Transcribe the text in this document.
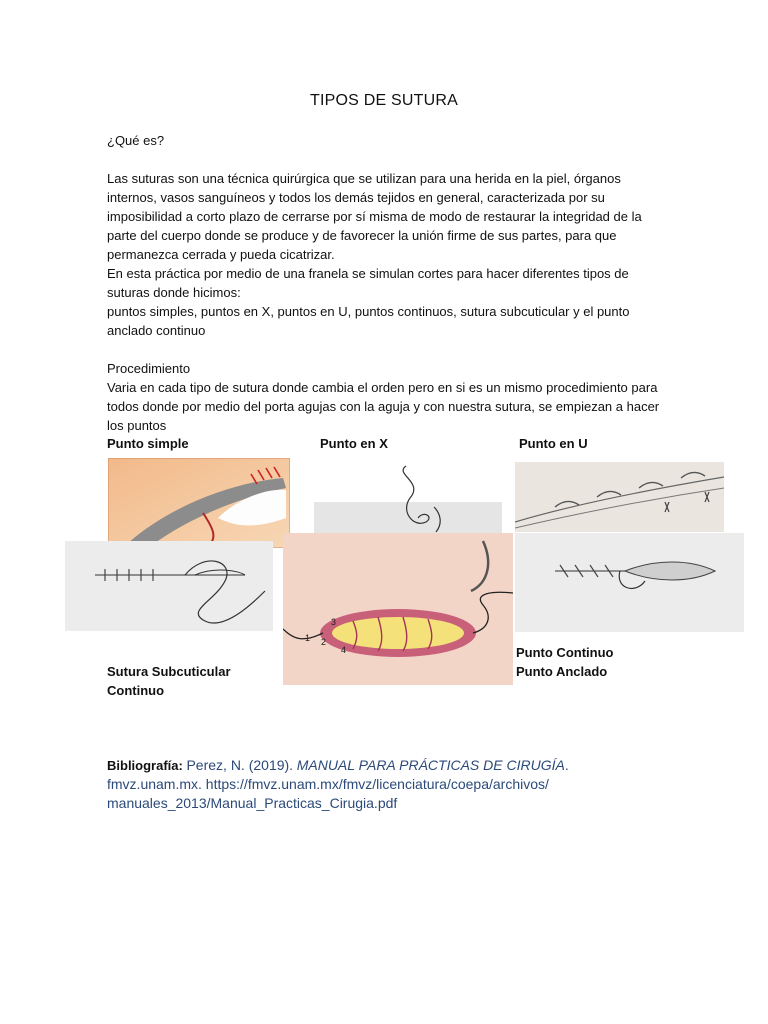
TIPOS DE SUTURA
¿Qué es?

Las suturas son una técnica quirúrgica que se utilizan para una herida en la piel, órganos internos, vasos sanguíneos y todos los demás tejidos en general, caracterizada por su imposibilidad a corto plazo de cerrarse por sí misma de modo de restaurar la integridad de la parte del cuerpo donde se produce y de favorecer la unión firme de sus partes, para que permanezca cerrada y pueda cicatrizar.

En esta práctica por medio de una franela se simulan cortes para hacer diferentes tipos de suturas donde hicimos:

puntos simples, puntos en X, puntos en U, puntos continuos, sutura subcuticular y el punto anclado continuo

Procedimiento

Varia en cada tipo de sutura donde cambia el orden pero en si es un mismo procedimiento para todos donde por medio del porta agujas con la aguja y con nuestra sutura, se empiezan a hacer los puntos

Punto simple	Punto en X	Punto en U
1 2
3
4
Sutura Subcuticular
Continuo
Punto Continuo
Punto Anclado
Bibliografía: Perez, N. (2019). MANUAL PARA PRÁCTICAS DE CIRUGÍA.
fmvz.unam.mx. https://fmvz.unam.mx/fmvz/licenciatura/coepa/archivos/
manuales_2013/Manual_Practicas_Cirugia.pdf
